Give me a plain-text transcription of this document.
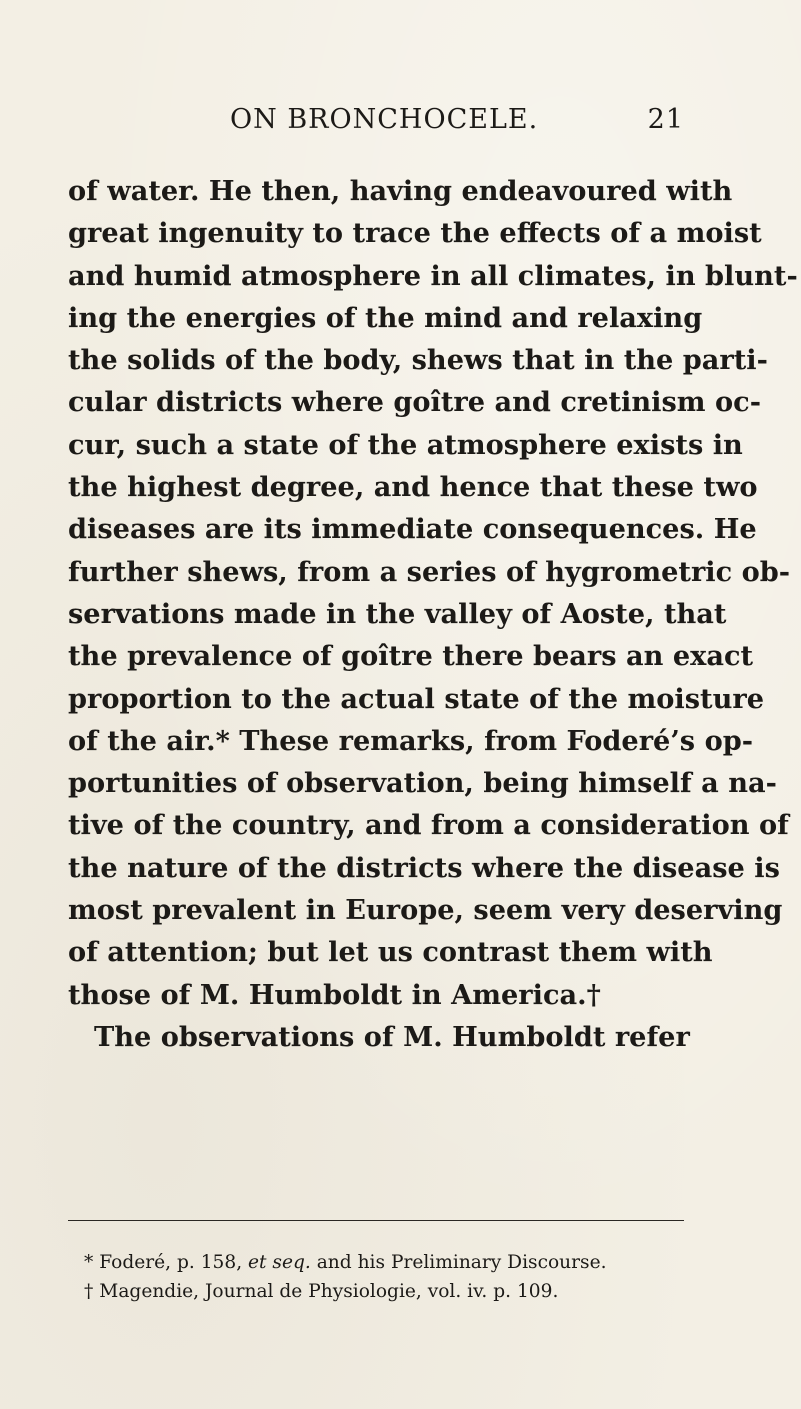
ON BRONCHOCELE.	21

of water. He then, having endeavoured with

great ingenuity to trace the effects of a moist

and humid atmosphere in all climates, in blunt-

ing the energies of the mind and relaxing

the solids of the body, shews that in the parti-

cular districts where goître and cretinism oc-

cur, such a state of the atmosphere exists in

the highest degree, and hence that these two

diseases are its immediate consequences. He

further shews, from a series of hygrometric ob-

servations made in the valley of Aoste, that

the prevalence of goître there bears an exact

proportion to the actual state of the moisture

of the air.* These remarks, from Foderé’s op-

portunities of observation, being himself a na-

tive of the country, and from a consideration of

the nature of the districts where the disease is

most prevalent in Europe, seem very deserving

of attention; but let us contrast them with

those of M. Humboldt in America.†

The observations of M. Humboldt refer

* Foderé, p. 158, et seq. and his Preliminary Discourse.

† Magendie, Journal de Physiologie, vol. iv. p. 109.
